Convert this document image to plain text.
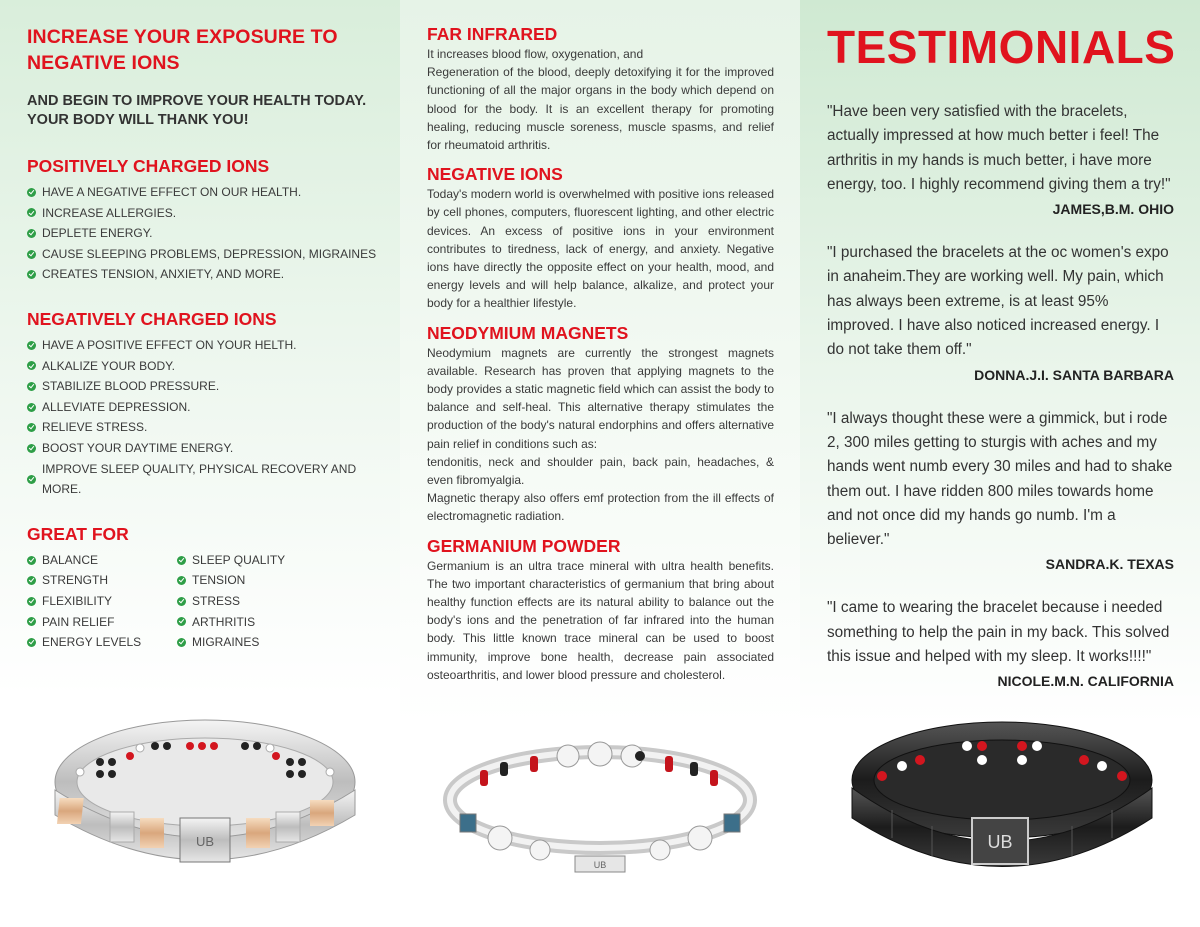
INCREASE YOUR EXPOSURE TO NEGATIVE IONS
AND BEGIN TO IMPROVE YOUR HEALTH TODAY. YOUR BODY WILL THANK YOU!
POSITIVELY CHARGED IONS
HAVE A NEGATIVE EFFECT ON OUR HEALTH.
INCREASE ALLERGIES.
DEPLETE ENERGY.
CAUSE SLEEPING PROBLEMS, DEPRESSION, MIGRAINES
CREATES TENSION, ANXIETY, AND MORE.
NEGATIVELY CHARGED IONS
HAVE A POSITIVE EFFECT ON YOUR HELTH.
ALKALIZE YOUR BODY.
STABILIZE BLOOD PRESSURE.
ALLEVIATE DEPRESSION.
RELIEVE STRESS.
BOOST YOUR DAYTIME ENERGY.
IMPROVE SLEEP QUALITY, PHYSICAL RECOVERY AND MORE.
GREAT FOR
BALANCE
STRENGTH
FLEXIBILITY
PAIN RELIEF
ENERGY LEVELS
SLEEP QUALITY
TENSION
STRESS
ARTHRITIS
MIGRAINES
UB
FAR INFRARED

It increases blood flow, oxygenation, and

Regeneration of the blood, deeply detoxifying it for the improved functioning of all the major organs in the body which depend on blood for the body. It is an excellent therapy for promoting healing, reducing muscle soreness, muscle spasms, and relief for rheumatoid arthritis.

NEGATIVE IONS

Today's modern world is overwhelmed with positive ions released by cell phones, computers, fluorescent lighting, and other electric devices. An excess of positive ions in your environment contributes to tiredness, lack of energy, and anxiety. Negative ions have directly the opposite effect on your health, mood, and energy levels and will help balance, alkalize, and protect your body for a healthier lifestyle.

NEODYMIUM MAGNETS

Neodymium magnets are currently the strongest magnets available. Research has proven that applying magnets to the body provides a static magnetic field which can assist the body to balance and self-heal. This alternative therapy stimulates the production of the body's natural endorphins and offers alternative pain relief in conditions such as:

tendonitis, neck and shoulder pain, back pain, headaches, & even fibromyalgia.

Magnetic therapy also offers emf protection from the ill effects of electromagnetic radiation.

GERMANIUM POWDER

Germanium is an ultra trace mineral with ultra health benefits. The two important characteristics of germanium that bring about healthy function effects are its natural ability to balance out the body's ions and the penetration of far infrared into the human body. This little known trace mineral can be used to boost immunity, improve bone health, decrease pain associated osteoarthritis, and lower blood pressure and cholesterol.

UB
TESTIMONIALS

"Have been very satisfied with the bracelets, actually impressed at how much better i feel! The arthritis in my hands is much better, i have more energy, too. I highly recommend giving them a try!"

JAMES,B.M. OHIO

"I purchased the bracelets at the oc women's expo in anaheim.They are working well. My pain, which has always been extreme, is at least 95% improved. I have also noticed increased energy. I do not take them off."

DONNA.J.I. SANTA BARBARA

"I always thought these were a gimmick, but i rode 2, 300 miles getting to sturgis with aches and my hands went numb every 30 miles and had to shake them out. I have ridden 800 miles towards home and not once did my hands go numb. I'm a believer."

SANDRA.K. TEXAS

"I came to wearing the bracelet because i needed something to help the pain in my back. This solved this issue and helped with my sleep. It works!!!!"

NICOLE.M.N. CALIFORNIA
UB
